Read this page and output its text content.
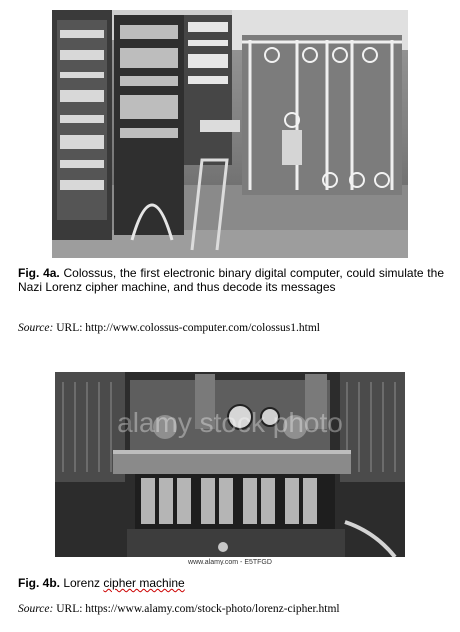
Fig. 4a. Colossus, the first electronic binary digital computer, could simulate the Nazi Lorenz cipher machine, and thus decode its messages
Source: URL: http://www.colossus-computer.com/colossus1.html
alamy stock photo
www.alamy.com - E5TFGD
Fig. 4b. Lorenz cipher machine
Source: URL: https://www.alamy.com/stock-photo/lorenz-cipher.html
